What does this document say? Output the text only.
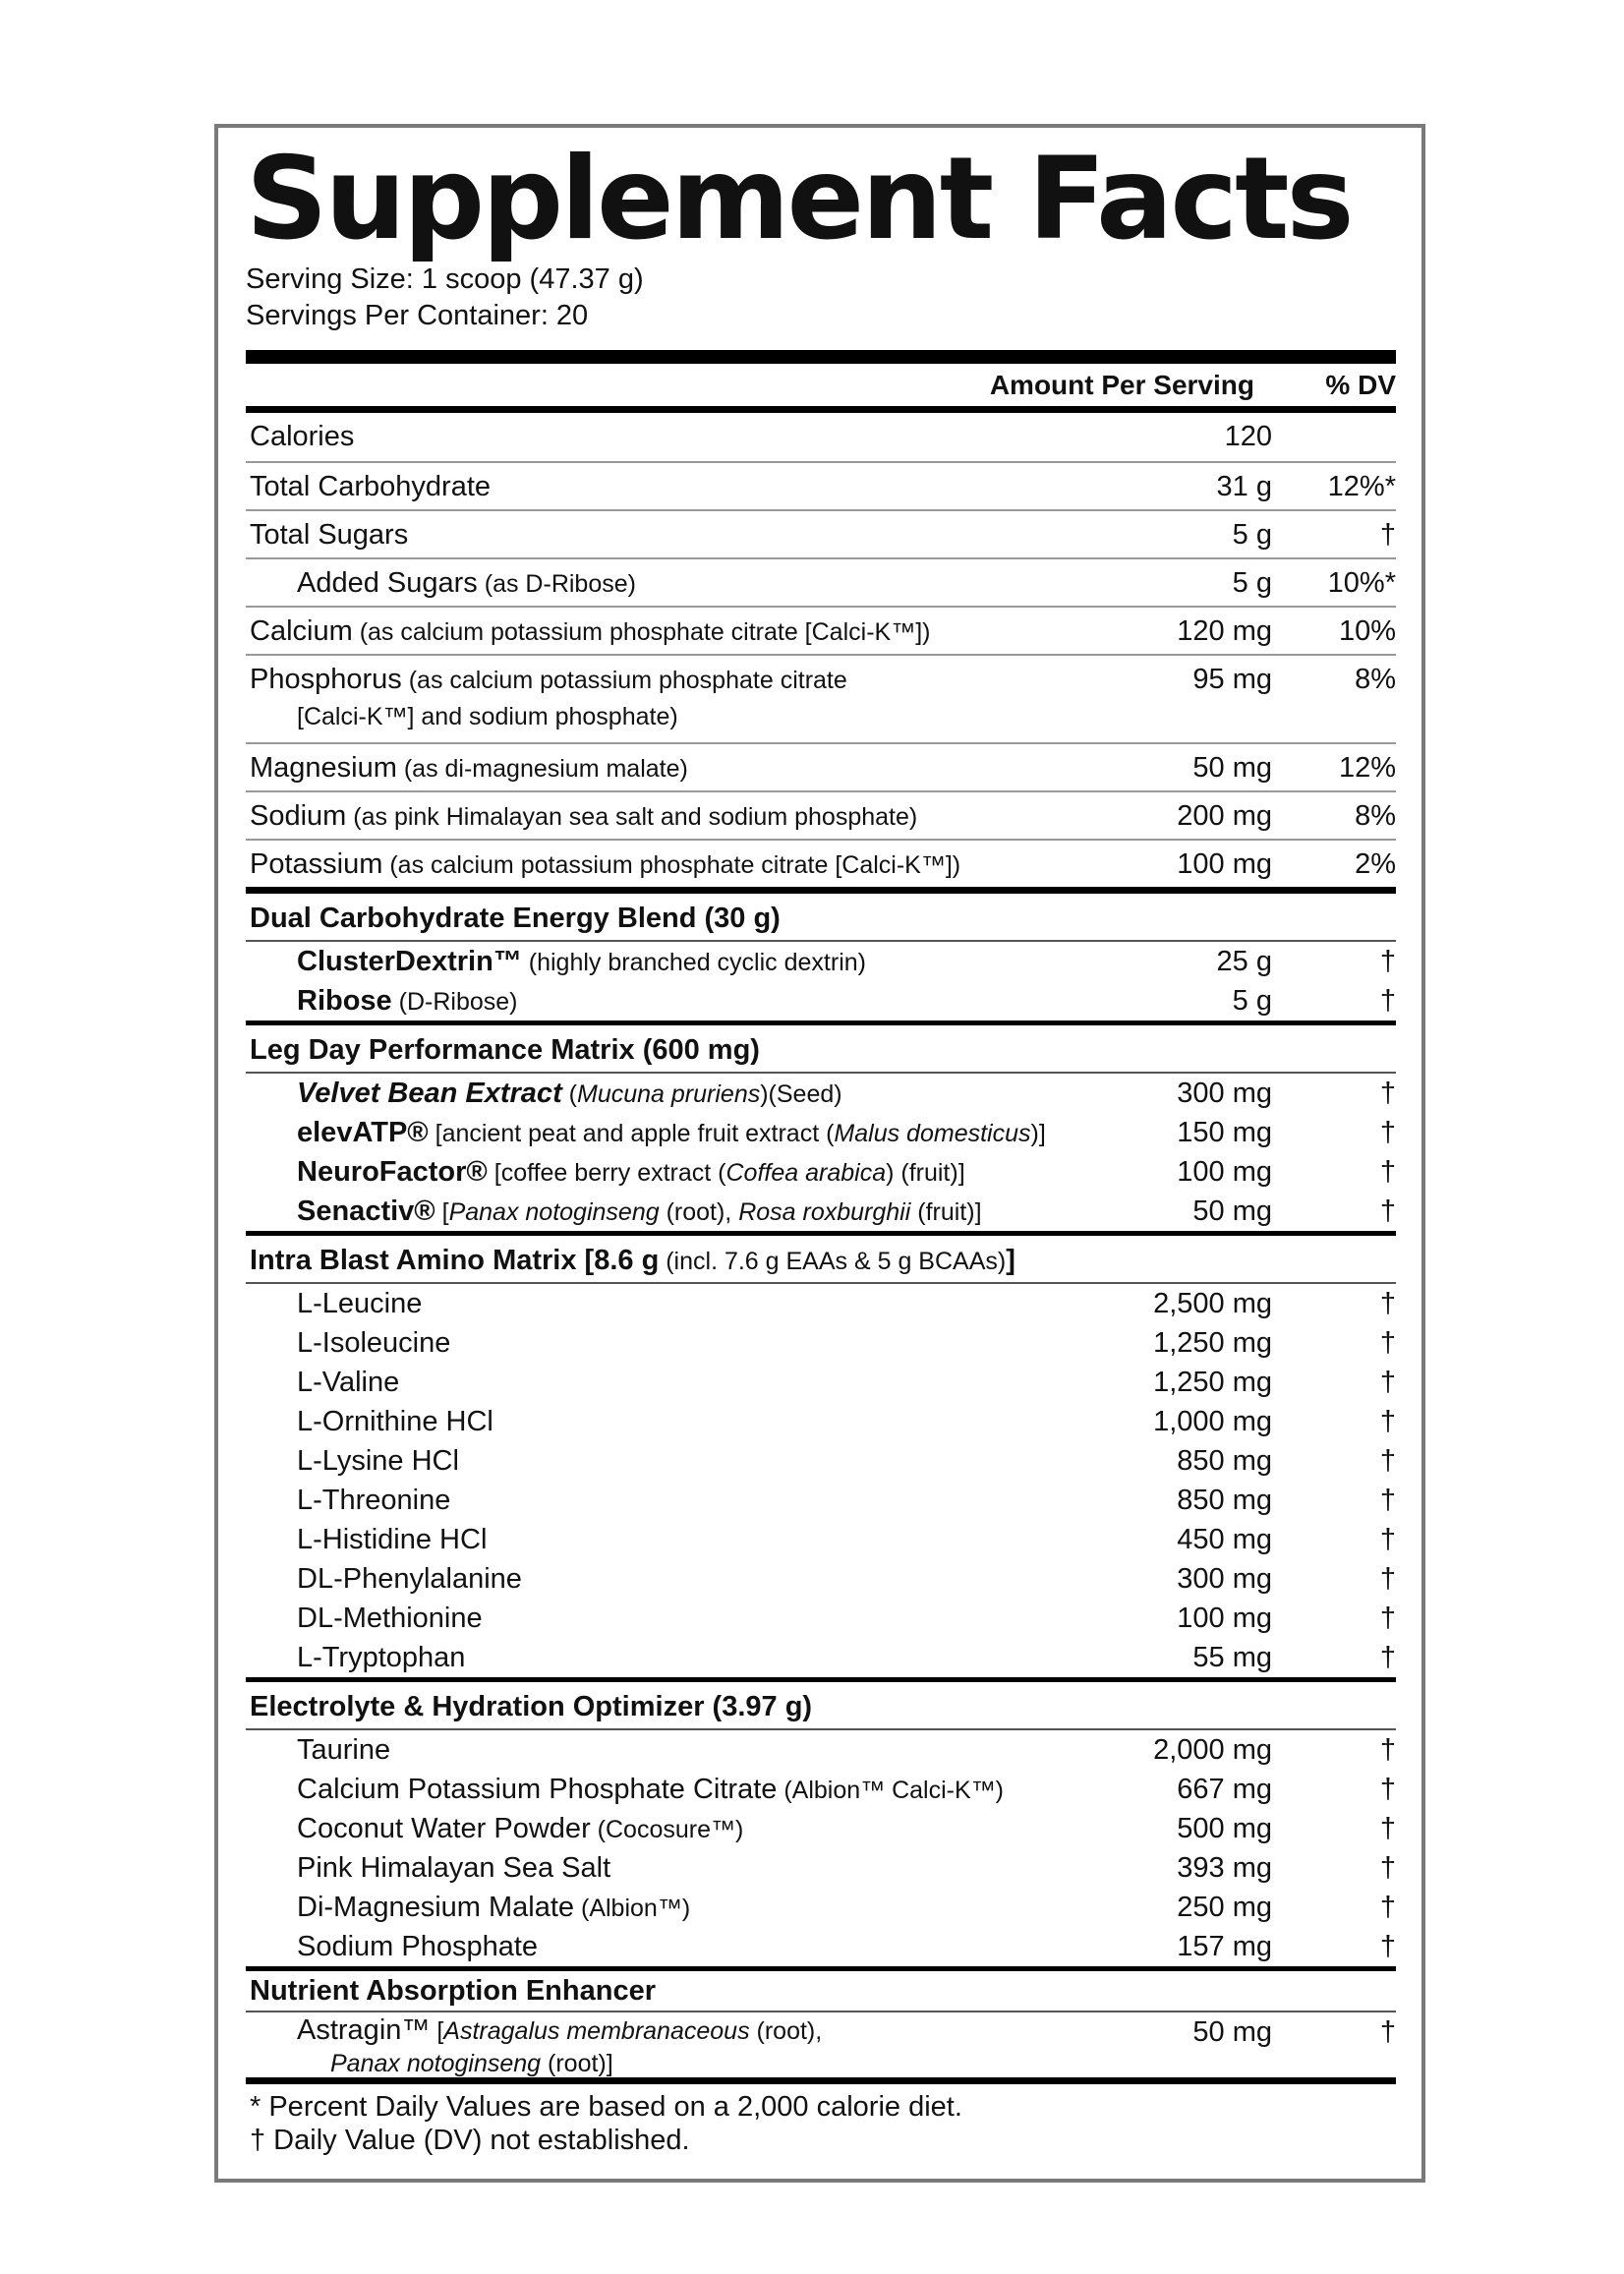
Supplement Facts
Serving Size: 1 scoop (47.37 g)
Servings Per Container: 20
Amount Per Serving	% DV
Calories	120
Total Carbohydrate	31 g	12%*
Total Sugars	5 g	†
Added Sugars (as D-Ribose)	5 g	10%*
Calcium (as calcium potassium phosphate citrate [Calci-K™])	120 mg	10%
Phosphorus (as calcium potassium phosphate citrate
[Calci-K™] and sodium phosphate)
95 mg	8%
Magnesium (as di-magnesium malate)	50 mg	12%
Sodium (as pink Himalayan sea salt and sodium phosphate)	200 mg	8%
Potassium (as calcium potassium phosphate citrate [Calci-K™])	100 mg	2%
Dual Carbohydrate Energy Blend (30 g)
ClusterDextrin™ (highly branched cyclic dextrin)	25 g	†
Ribose (D-Ribose)	5 g	†
Leg Day Performance Matrix (600 mg)
Velvet Bean Extract (Mucuna pruriens)(Seed)	300 mg	†
elevATP® [ancient peat and apple fruit extract (Malus domesticus)]	150 mg	†
NeuroFactor® [coffee berry extract (Coffea arabica) (fruit)]	100 mg	†
Senactiv® [Panax notoginseng (root), Rosa roxburghii (fruit)]	50 mg	†
Intra Blast Amino Matrix [8.6 g (incl. 7.6 g EAAs & 5 g BCAAs)]
L-Leucine	2,500 mg	†
L-Isoleucine	1,250 mg	†
L-Valine	1,250 mg	†
L-Ornithine HCl	1,000 mg	†
L-Lysine HCl	850 mg	†
L-Threonine	850 mg	†
L-Histidine HCl	450 mg	†
DL-Phenylalanine	300 mg	†
DL-Methionine	100 mg	†
L-Tryptophan	55 mg	†
Electrolyte & Hydration Optimizer (3.97 g)
Taurine	2,000 mg	†
Calcium Potassium Phosphate Citrate (Albion™ Calci-K™)	667 mg	†
Coconut Water Powder (Cocosure™)	500 mg	†
Pink Himalayan Sea Salt	393 mg	†
Di-Magnesium Malate (Albion™)	250 mg	†
Sodium Phosphate	157 mg	†
Nutrient Absorption Enhancer
Astragin™ [Astragalus membranaceous (root),
Panax notoginseng (root)]
50 mg	†
* Percent Daily Values are based on a 2,000 calorie diet.
† Daily Value (DV) not established.
